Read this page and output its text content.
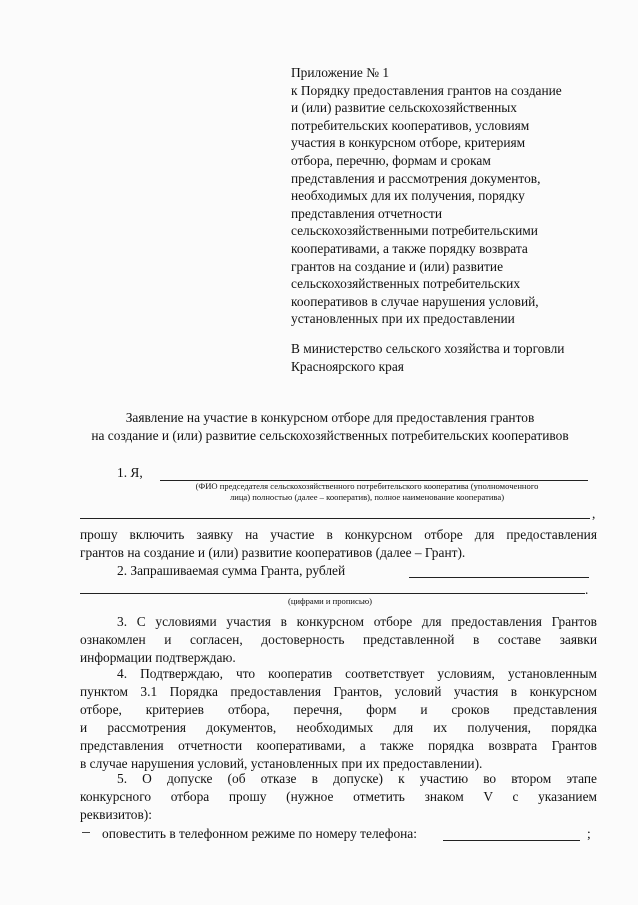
Приложение № 1
к Порядку предоставления грантов на создание
и (или) развитие сельскохозяйственных
потребительских кооперативов, условиям
участия в конкурсном отборе, критериям
отбора, перечню, формам и срокам
представления и рассмотрения документов,
необходимых для их получения, порядку
представления отчетности
сельскохозяйственными потребительскими
кооперативами, а также порядку возврата
грантов на создание и (или) развитие
сельскохозяйственных потребительских
кооперативов в случае нарушения условий,
установленных при их предоставлении
В министерство сельского хозяйства и торговли
Красноярского края
Заявление на участие в конкурсном отборе для предоставления грантов
на создание и (или) развитие сельскохозяйственных потребительских кооперативов
1. Я,
(ФИО председателя сельскохозяйственного потребительского кооператива (уполномоченного
лица) полностью (далее – кооператив), полное наименование кооператива)
,
прошу включить заявку на участие в конкурсном отборе для предоставления
грантов на создание и (или) развитие кооперативов (далее – Грант).
2. Запрашиваемая сумма Гранта, рублей
.
(цифрами и прописью)
3. С условиями участия в конкурсном отборе для предоставления Грантов
ознакомлен и согласен, достоверность представленной в составе заявки
информации подтверждаю.
4. Подтверждаю, что кооператив соответствует условиям, установленным
пунктом 3.1 Порядка предоставления Грантов, условий участия в конкурсном
отборе, критериев отбора, перечня, форм и сроков представления
и рассмотрения документов, необходимых для их получения, порядка
представления отчетности кооперативами, а также порядка возврата Грантов
в случае нарушения условий, установленных при их предоставлении).
5. О допуске (об отказе в допуске) к участию во втором этапе
конкурсного отбора прошу (нужное отметить знаком V с указанием
реквизитов):
оповестить в телефонном режиме по номеру телефона:	;
